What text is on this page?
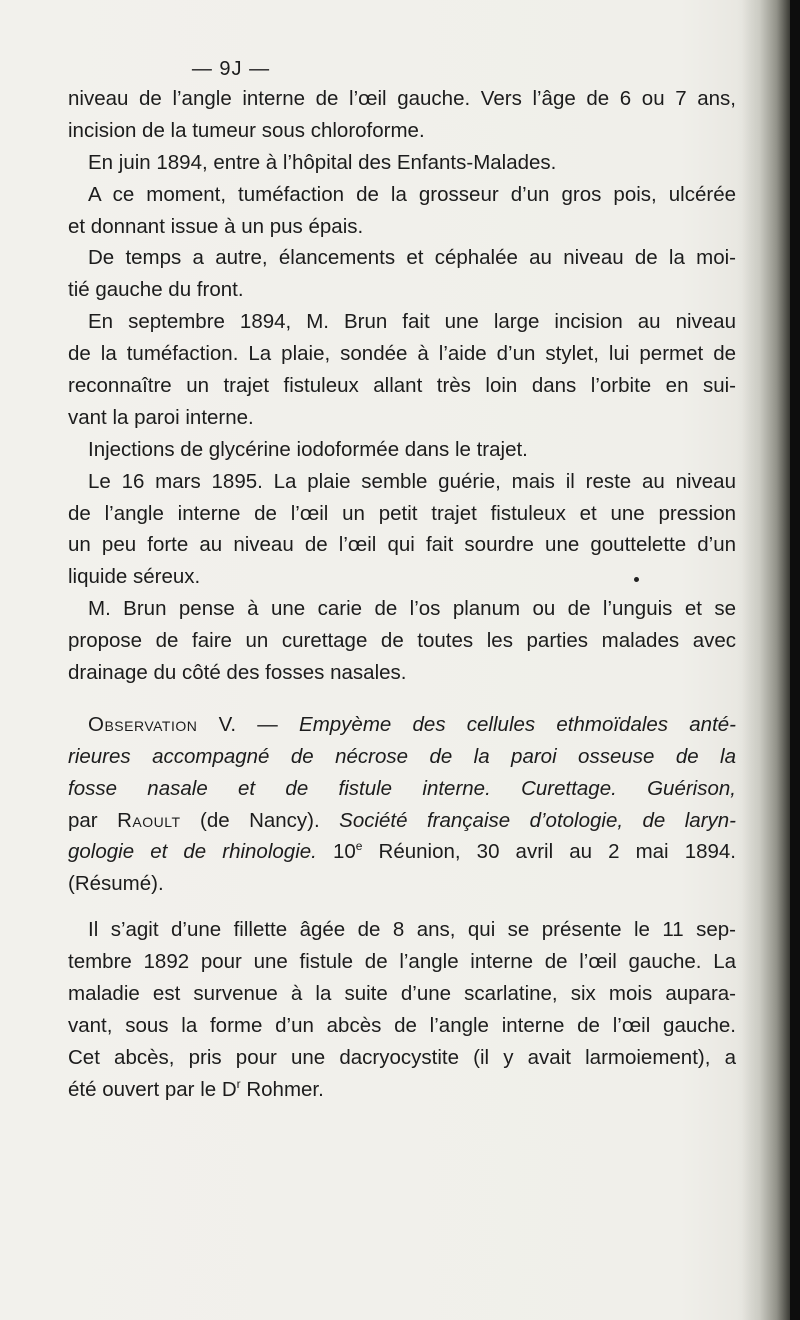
— 9J —
niveau de l’angle interne de l’œil gauche. Vers l’âge de 6 ou 7 ans,
incision de la tumeur sous chloroforme.
En juin 1894, entre à l’hôpital des Enfants-Malades.
A ce moment, tuméfaction de la grosseur d’un gros pois, ulcérée
et donnant issue à un pus épais.
De temps a autre, élancements et céphalée au niveau de la moi-
tié gauche du front.
En septembre 1894, M. Brun fait une large incision au niveau
de la tuméfaction. La plaie, sondée à l’aide d’un stylet, lui permet de
reconnaître un trajet fistuleux allant très loin dans l’orbite en sui-
vant la paroi interne.
Injections de glycérine iodoformée dans le trajet.
Le 16 mars 1895. La plaie semble guérie, mais il reste au niveau
de l’angle interne de l’œil un petit trajet fistuleux et une pression
un peu forte au niveau de l’œil qui fait sourdre une gouttelette d’un
liquide séreux.
M. Brun pense à une carie de l’os planum ou de l’unguis et se
propose de faire un curettage de toutes les parties malades avec
drainage du côté des fosses nasales.
Observation V. — Empyème des cellules ethmoïdales anté-
rieures accompagné de nécrose de la paroi osseuse de la
fosse nasale et de fistule interne. Curettage. Guérison,
par Raoult (de Nancy). Société française d’otologie, de laryn-
gologie et de rhinologie. 10e Réunion, 30 avril au 2 mai 1894.
(Résumé).
Il s’agit d’une fillette âgée de 8 ans, qui se présente le 11 sep-
tembre 1892 pour une fistule de l’angle interne de l’œil gauche. La
maladie est survenue à la suite d’une scarlatine, six mois aupara-
vant, sous la forme d’un abcès de l’angle interne de l’œil gauche.
Cet abcès, pris pour une dacryocystite (il y avait larmoiement), a
été ouvert par le $D^r$ Rohmer.
